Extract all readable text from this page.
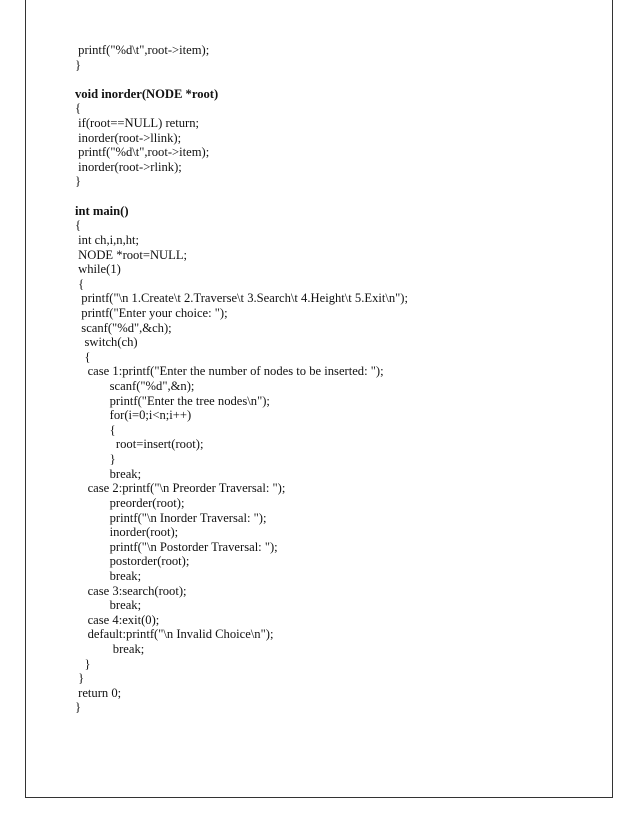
printf("%d\t",root->item);
}
void inorder(NODE *root)
{
if(root==NULL) return;
inorder(root->llink);
printf("%d\t",root->item);
inorder(root->rlink);
}
int main()
{
int ch,i,n,ht;
NODE *root=NULL;
while(1)
{
printf("\n 1.Create\t 2.Traverse\t 3.Search\t 4.Height\t 5.Exit\n");
printf("Enter your choice: ");
scanf("%d",&ch);
switch(ch)
{
case 1:printf("Enter the number of nodes to be inserted: ");
scanf("%d",&n);
printf("Enter the tree nodes\n");
for(i=0;i<n;i++)
{
root=insert(root);
}
break;
case 2:printf("\n Preorder Traversal: ");
preorder(root);
printf("\n Inorder Traversal: ");
inorder(root);
printf("\n Postorder Traversal: ");
postorder(root);
break;
case 3:search(root);
break;
case 4:exit(0);
default:printf("\n Invalid Choice\n");
break;
}
}
return 0;
}
